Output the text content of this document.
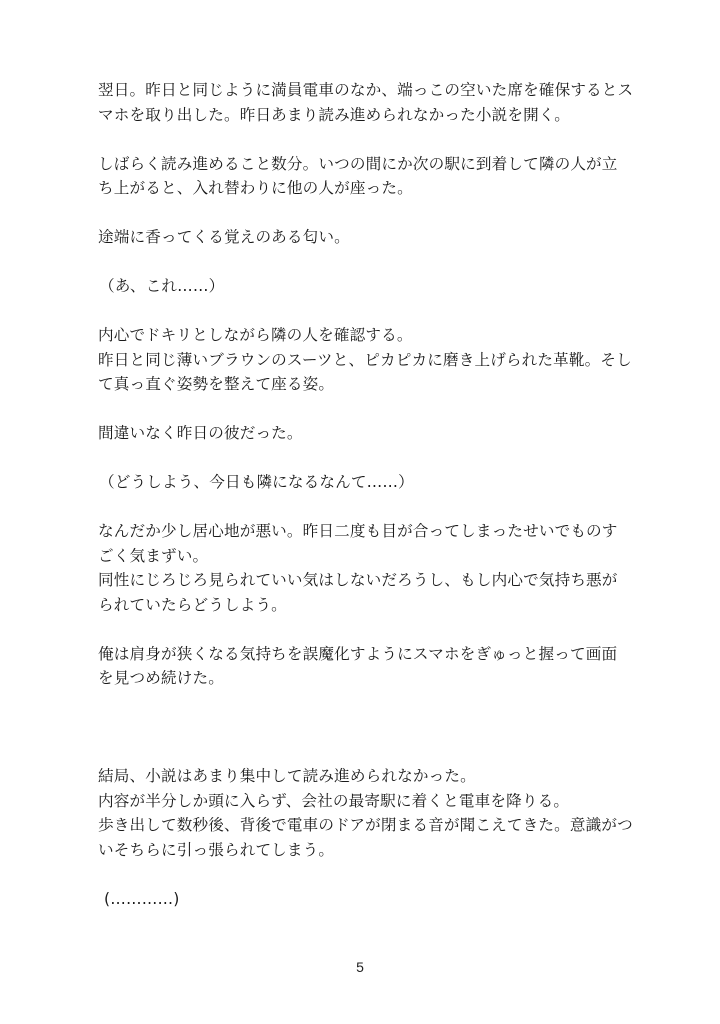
翌日。昨日と同じように満員電車のなか、端っこの空いた席を確保するとス
マホを取り出した。昨日あまり読み進められなかった小説を開く。
しばらく読み進めること数分。いつの間にか次の駅に到着して隣の人が立
ち上がると、入れ替わりに他の人が座った。
途端に香ってくる覚えのある匂い。
（あ、これ……）
内心でドキリとしながら隣の人を確認する。
昨日と同じ薄いブラウンのスーツと、ピカピカに磨き上げられた革靴。そし
て真っ直ぐ姿勢を整えて座る姿。
間違いなく昨日の彼だった。
（どうしよう、今日も隣になるなんて……）
なんだか少し居心地が悪い。昨日二度も目が合ってしまったせいでものす
ごく気まずい。
同性にじろじろ見られていい気はしないだろうし、もし内心で気持ち悪が
られていたらどうしよう。
俺は肩身が狭くなる気持ちを誤魔化すようにスマホをぎゅっと握って画面
を見つめ続けた。
結局、小説はあまり集中して読み進められなかった。
内容が半分しか頭に入らず、会社の最寄駅に着くと電車を降りる。
歩き出して数秒後、背後で電車のドアが閉まる音が聞こえてきた。意識がつ
いそちらに引っ張られてしまう。
(…………)
5
